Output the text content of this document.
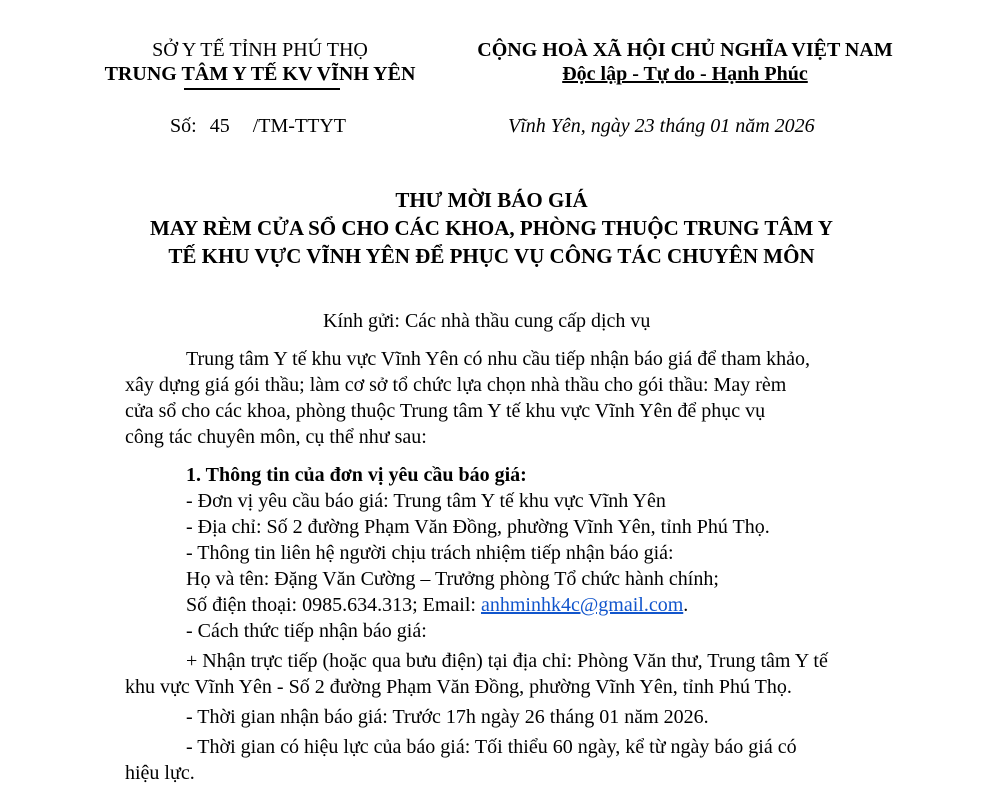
SỞ Y TẾ TỈNH PHÚ THỌ
TRUNG TÂM Y TẾ KV VĨNH YÊN
CỘNG HOÀ XÃ HỘI CHỦ NGHĨA VIỆT NAM
Độc lập - Tự do - Hạnh Phúc
Số: 45 /TM-TTYT	Vĩnh Yên, ngày 23 tháng 01 năm 2026
THƯ MỜI BÁO GIÁ
MAY RÈM CỬA SỔ CHO CÁC KHOA, PHÒNG THUỘC TRUNG TÂM Y
TẾ KHU VỰC VĨNH YÊN ĐỂ PHỤC VỤ CÔNG TÁC CHUYÊN MÔN
Kính gửi: Các nhà thầu cung cấp dịch vụ
Trung tâm Y tế khu vực Vĩnh Yên có nhu cầu tiếp nhận báo giá để tham khảo,
xây dựng giá gói thầu; làm cơ sở tổ chức lựa chọn nhà thầu cho gói thầu: May rèm
cửa sổ cho các khoa, phòng thuộc Trung tâm Y tế khu vực Vĩnh Yên để phục vụ
công tác chuyên môn, cụ thể như sau:
1. Thông tin của đơn vị yêu cầu báo giá:
- Đơn vị yêu cầu báo giá: Trung tâm Y tế khu vực Vĩnh Yên
- Địa chỉ: Số 2 đường Phạm Văn Đồng, phường Vĩnh Yên, tỉnh Phú Thọ.
- Thông tin liên hệ người chịu trách nhiệm tiếp nhận báo giá:
Họ và tên: Đặng Văn Cường – Trưởng phòng Tổ chức hành chính;
Số điện thoại: 0985.634.313; Email: anhminhk4c@gmail.com.
- Cách thức tiếp nhận báo giá:
+ Nhận trực tiếp (hoặc qua bưu điện) tại địa chỉ: Phòng Văn thư, Trung tâm Y tế
khu vực Vĩnh Yên - Số 2 đường Phạm Văn Đồng, phường Vĩnh Yên, tỉnh Phú Thọ.
- Thời gian nhận báo giá: Trước 17h ngày 26 tháng 01 năm 2026.
- Thời gian có hiệu lực của báo giá: Tối thiểu 60 ngày, kể từ ngày báo giá có
hiệu lực.
